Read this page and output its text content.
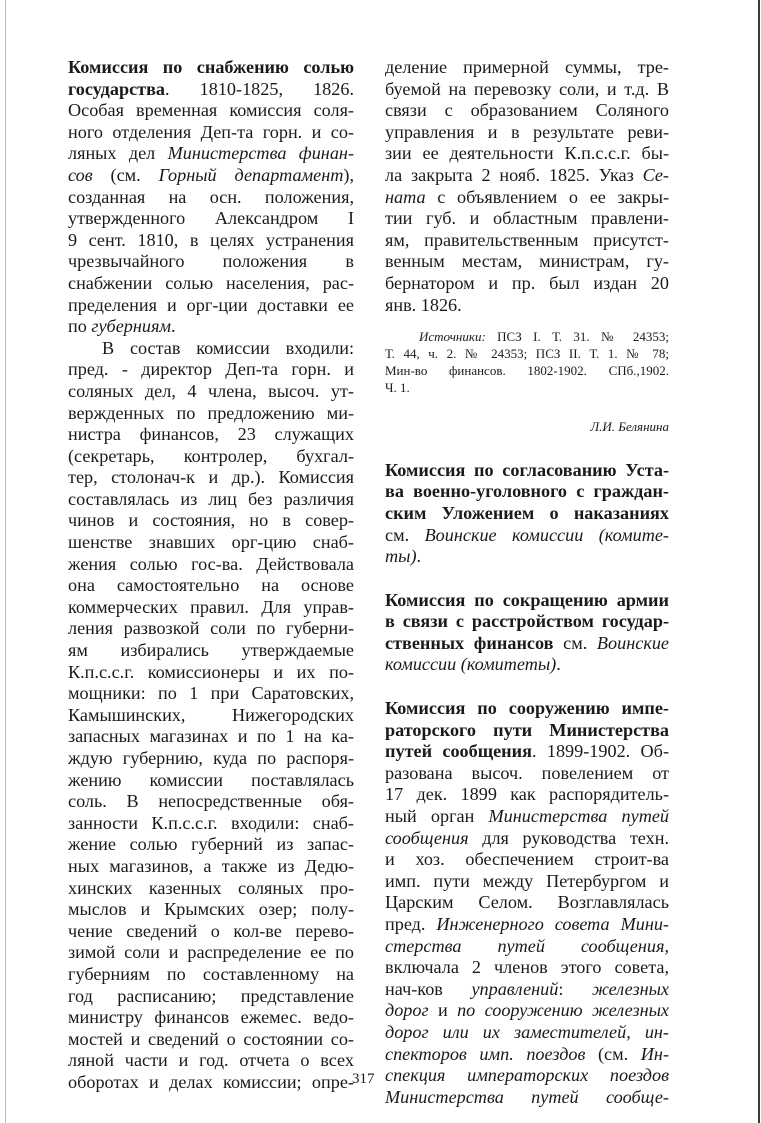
Комиссия по снабжению солью
государства. 1810-1825, 1826.
Особая временная комиссия соля-
ного отделения Деп-та горн. и со-
ляных дел Министерства финан-
сов (см. Горный департамент),
созданная на осн. положения,
утвержденного Александром I
9 сент. 1810, в целях устранения
чрезвычайного положения в
снабжении солью населения, рас-
пределения и орг-ции доставки ее
по губерниям.
В состав комиссии входили:
пред. - директор Деп-та горн. и
соляных дел, 4 члена, высоч. ут-
вержденных по предложению ми-
нистра финансов, 23 служащих
(секретарь, контролер, бухгал-
тер, столонач-к и др.). Комиссия
составлялась из лиц без различия
чинов и состояния, но в совер-
шенстве знавших орг-цию снаб-
жения солью гос-ва. Действовала
она самостоятельно на основе
коммерческих правил. Для управ-
ления развозкой соли по губерни-
ям избирались утверждаемые
К.п.с.с.г. комиссионеры и их по-
мощники: по 1 при Саратовских,
Камышинских, Нижегородских
запасных магазинах и по 1 на ка-
ждую губернию, куда по распоря-
жению комиссии поставлялась
соль. В непосредственные обя-
занности К.п.с.с.г. входили: снаб-
жение солью губерний из запас-
ных магазинов, а также из Дедю-
хинских казенных соляных про-
мыслов и Крымских озер; полу-
чение сведений о кол-ве перево-
зимой соли и распределение ее по
губерниям по составленному на
год расписанию; представление
министру финансов ежемес. ведо-
мостей и сведений о состоянии со-
ляной части и год. отчета о всех
оборотах и делах комиссии; опре-
деление примерной суммы, тре-
буемой на перевозку соли, и т.д. В
связи с образованием Соляного
управления и в результате реви-
зии ее деятельности К.п.с.с.г. бы-
ла закрыта 2 нояб. 1825. Указ Се-
ната с объявлением о ее закры-
тии губ. и областным правлени-
ям, правительственным присутст-
венным местам, министрам, гу-
бернатором и пр. был издан 20
янв. 1826.
Источники: ПСЗ I. Т. 31. № 24353;
Т. 44, ч. 2. № 24353; ПСЗ II. Т. 1. № 78;
Мин-во финансов. 1802-1902. СПб.,1902.
Ч. 1.
Л.И. Белянина
Комиссия по согласованию Уста-
ва военно-уголовного с граждан-
ским Уложением о наказаниях
см. Воинские комиссии (комите-
ты).
Комиссия по сокращению армии
в связи с расстройством государ-
ственных финансов см. Воинские
комиссии (комитеты).
Комиссия по сооружению импе-
раторского пути Министерства
путей сообщения. 1899-1902. Об-
разована высоч. повелением от
17 дек. 1899 как распорядитель-
ный орган Министерства путей
сообщения для руководства техн.
и хоз. обеспечением строит-ва
имп. пути между Петербургом и
Царским Селом. Возглавлялась
пред. Инженерного совета Мини-
стерства путей сообщения,
включала 2 членов этого совета,
нач-ков управлений: железных
дорог и по сооружению железных
дорог или их заместителей, ин-
спекторов имп. поездов (см. Ин-
спекция императорских поездов
Министерства путей сообще-
317
